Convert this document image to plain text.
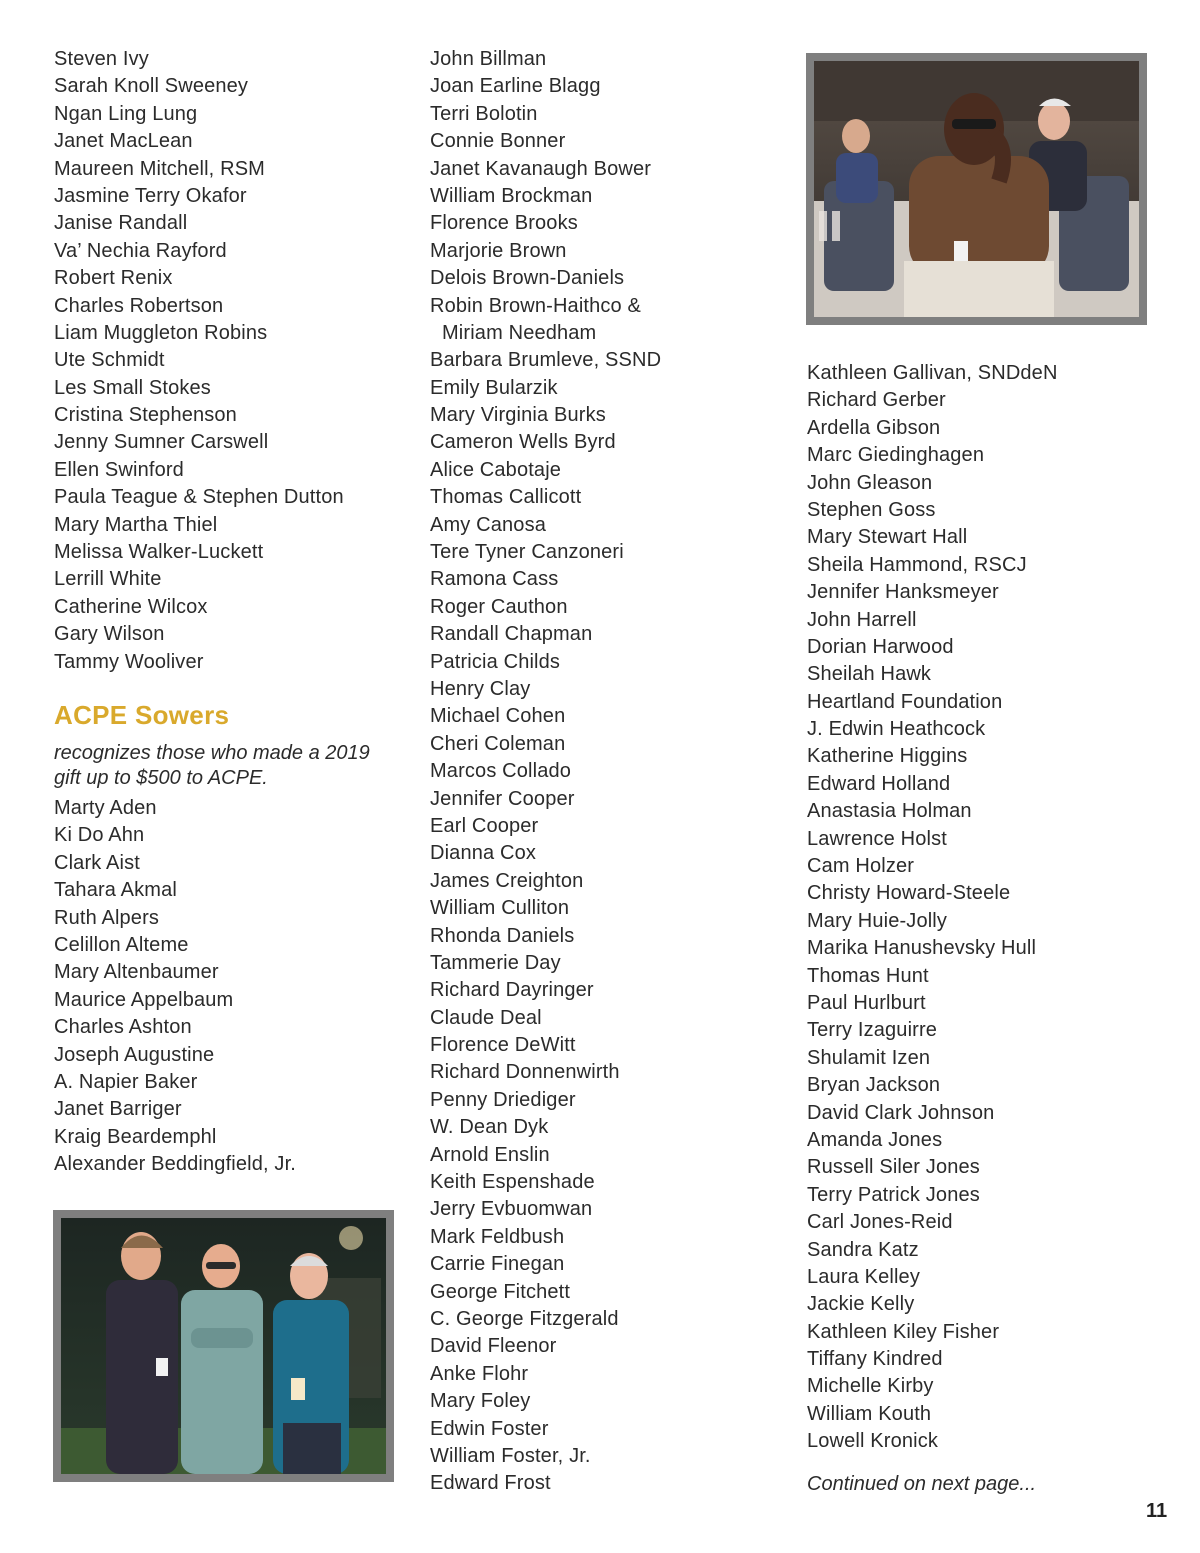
Steven Ivy
Sarah Knoll Sweeney
Ngan Ling Lung
Janet MacLean
Maureen Mitchell, RSM
Jasmine Terry Okafor
Janise Randall
Va’ Nechia Rayford
Robert Renix
Charles Robertson
Liam Muggleton Robins
Ute Schmidt
Les Small Stokes
Cristina Stephenson
Jenny Sumner Carswell
Ellen Swinford
Paula Teague & Stephen Dutton
Mary Martha Thiel
Melissa Walker-Luckett
Lerrill White
Catherine Wilcox
Gary Wilson
Tammy Wooliver
ACPE Sowers

recognizes those who made a 2019 gift up to $500 to ACPE.

Marty Aden
Ki Do Ahn
Clark Aist
Tahara Akmal
Ruth Alpers
Celillon Alteme
Mary Altenbaumer
Maurice Appelbaum
Charles Ashton
Joseph Augustine
A. Napier Baker
Janet Barriger
Kraig Beardemphl
Alexander Beddingfield, Jr.
John Billman
Joan Earline Blagg
Terri Bolotin
Connie Bonner
Janet Kavanaugh Bower
William Brockman
Florence Brooks
Marjorie Brown
Delois Brown-Daniels
Robin Brown-Haithco &
Miriam Needham
Barbara Brumleve, SSND
Emily Bularzik
Mary Virginia Burks
Cameron Wells Byrd
Alice Cabotaje
Thomas Callicott
Amy Canosa
Tere Tyner Canzoneri
Ramona Cass
Roger Cauthon
Randall Chapman
Patricia Childs
Henry Clay
Michael Cohen
Cheri Coleman
Marcos Collado
Jennifer Cooper
Earl Cooper
Dianna Cox
James Creighton
William Culliton
Rhonda Daniels
Tammerie Day
Richard Dayringer
Claude Deal
Florence DeWitt
Richard Donnenwirth
Penny Driediger
W. Dean Dyk
Arnold Enslin
Keith Espenshade
Jerry Evbuomwan
Mark Feldbush
Carrie Finegan
George Fitchett
C. George Fitzgerald
David Fleenor
Anke Flohr
Mary Foley
Edwin Foster
William Foster, Jr.
Edward Frost
Kathleen Gallivan, SNDdeN
Richard Gerber
Ardella Gibson
Marc Giedinghagen
John Gleason
Stephen Goss
Mary Stewart Hall
Sheila Hammond, RSCJ
Jennifer Hanksmeyer
John Harrell
Dorian Harwood
Sheilah Hawk
Heartland Foundation
J. Edwin Heathcock
Katherine Higgins
Edward Holland
Anastasia Holman
Lawrence Holst
Cam Holzer
Christy Howard-Steele
Mary Huie-Jolly
Marika Hanushevsky Hull
Thomas Hunt
Paul Hurlburt
Terry Izaguirre
Shulamit Izen
Bryan Jackson
David Clark Johnson
Amanda Jones
Russell Siler Jones
Terry Patrick Jones
Carl Jones-Reid
Sandra Katz
Laura Kelley
Jackie Kelly
Kathleen Kiley Fisher
Tiffany Kindred
Michelle Kirby
William Kouth
Lowell Kronick

Continued on next page...

11
